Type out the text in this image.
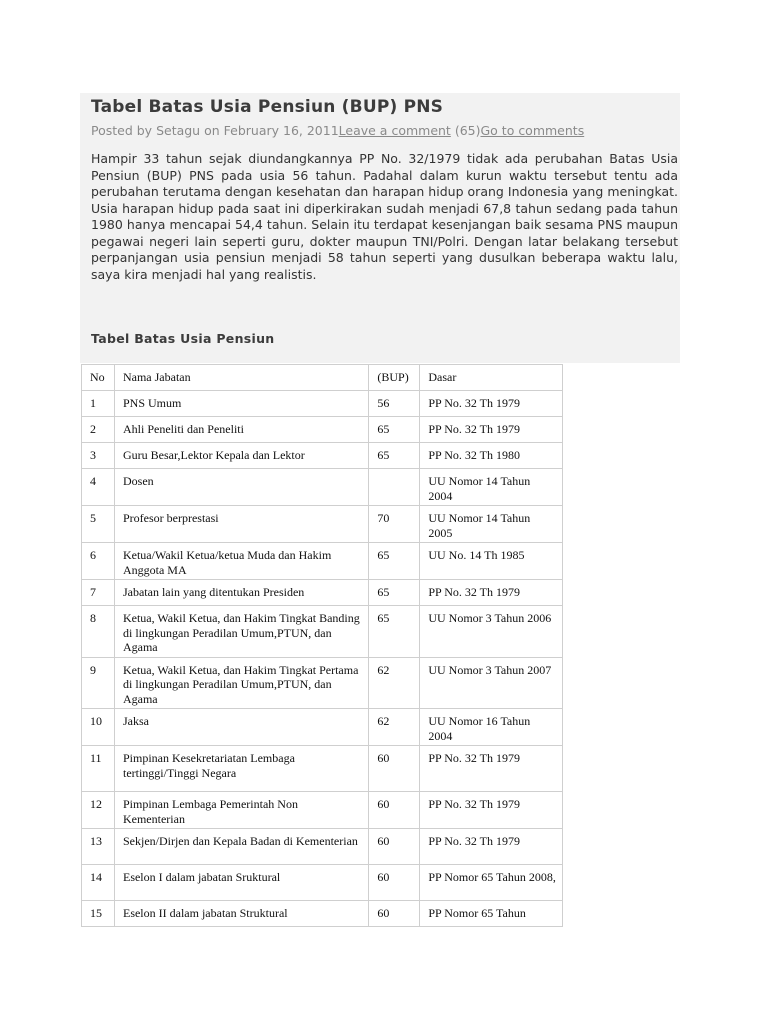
Tabel Batas Usia Pensiun (BUP) PNS
Posted by Setagu on February 16, 2011Leave a comment (65)Go to comments

Hampir 33 tahun sejak diundangkannya PP No. 32/1979 tidak ada perubahan Batas Usia Pensiun (BUP) PNS pada usia 56 tahun. Padahal dalam kurun waktu tersebut tentu ada perubahan terutama dengan kesehatan dan harapan hidup orang Indonesia yang meningkat. Usia harapan hidup pada saat ini diperkirakan sudah menjadi 67,8 tahun sedang pada tahun 1980 hanya mencapai 54,4 tahun. Selain itu terdapat kesenjangan baik sesama PNS maupun pegawai negeri lain seperti guru, dokter maupun TNI/Polri. Dengan latar belakang tersebut perpanjangan usia pensiun menjadi 58 tahun seperti yang dusulkan beberapa waktu lalu, saya kira menjadi hal yang realistis.

Tabel Batas Usia Pensiun
No	Nama Jabatan	(BUP)	Dasar
1	PNS Umum	56	PP No. 32 Th 1979
2	Ahli Peneliti dan Peneliti	65	PP No. 32 Th 1979
3	Guru Besar,Lektor Kepala dan Lektor	65	PP No. 32 Th 1980
4	Dosen		UU Nomor 14 Tahun 2004
5	Profesor berprestasi	70	UU Nomor 14 Tahun 2005
6	Ketua/Wakil Ketua/ketua Muda dan Hakim Anggota MA	65	UU No. 14 Th 1985
7	Jabatan lain yang ditentukan Presiden	65	PP No. 32 Th 1979
8	Ketua, Wakil Ketua, dan Hakim Tingkat Banding di lingkungan Peradilan Umum,PTUN, dan Agama	65	UU Nomor 3 Tahun 2006
9	Ketua, Wakil Ketua, dan Hakim Tingkat Pertama di lingkungan Peradilan Umum,PTUN, dan Agama	62	UU Nomor 3 Tahun 2007
10	Jaksa	62	UU Nomor 16 Tahun 2004
11	Pimpinan Kesekretariatan Lembaga tertinggi/Tinggi Negara	60	PP No. 32 Th 1979
12	Pimpinan Lembaga Pemerintah Non Kementerian	60	PP No. 32 Th 1979
13	Sekjen/Dirjen dan Kepala Badan di Kementerian	60	PP No. 32 Th 1979
14	Eselon I dalam jabatan Sruktural	60	PP Nomor 65 Tahun 2008,
15	Eselon II dalam jabatan Struktural	60	PP Nomor 65 Tahun
